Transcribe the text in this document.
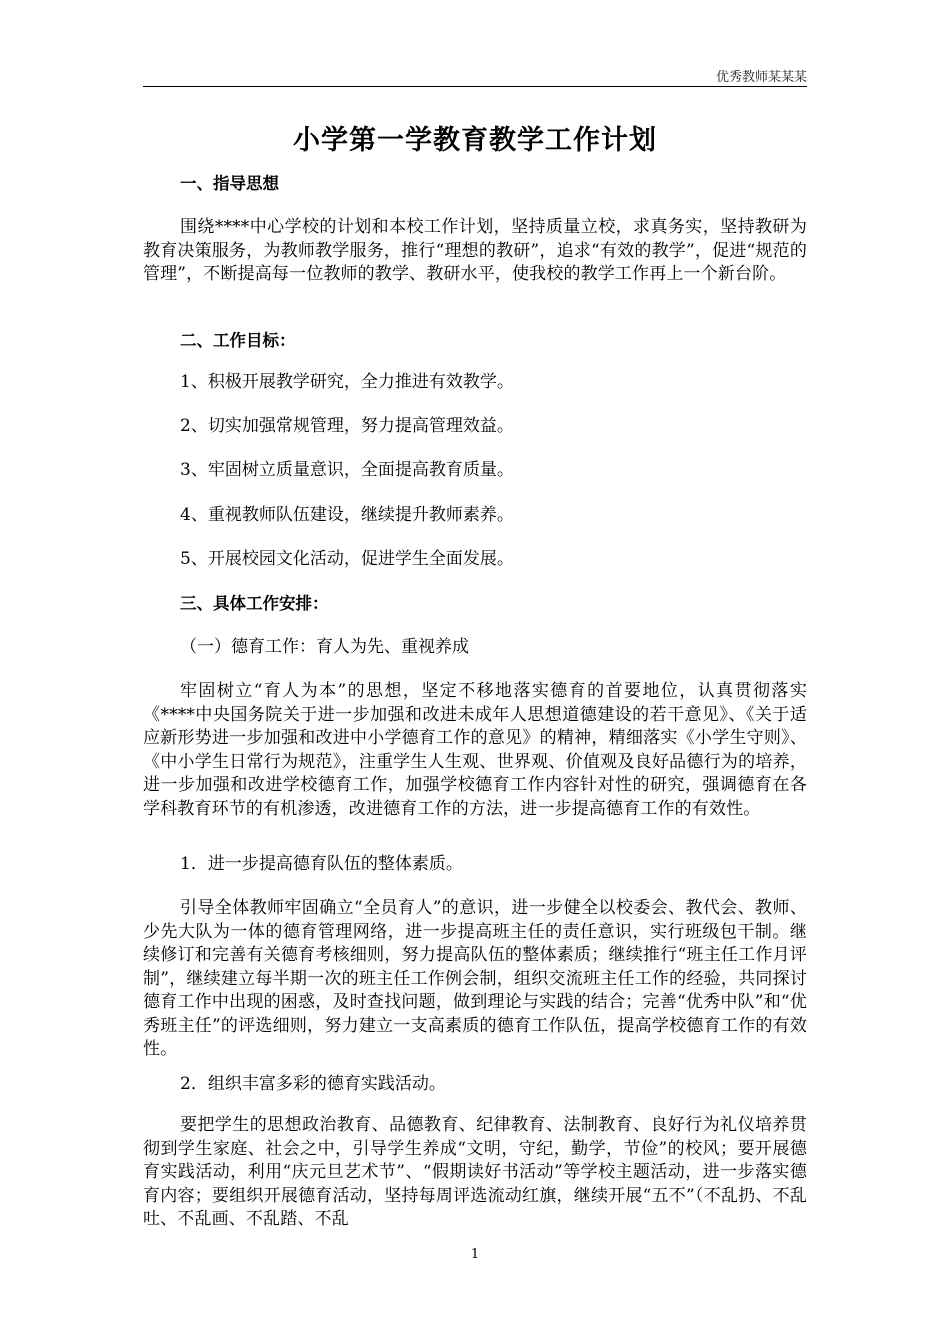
优秀教师某某某
小学第一学教育教学工作计划
一、指导思想
围绕****中心学校的计划和本校工作计划，坚持质量立校，求真务实，坚持教研为教育决策服务，为教师教学服务，推行“理想的教研”，追求“有效的教学”，促进“规范的管理”，不断提高每一位教师的教学、教研水平，使我校的教学工作再上一个新台阶。
二、工作目标：
1、积极开展教学研究，全力推进有效教学。
2、切实加强常规管理，努力提高管理效益。
3、牢固树立质量意识，全面提高教育质量。
4、重视教师队伍建设，继续提升教师素养。
5、开展校园文化活动，促进学生全面发展。
三、具体工作安排：
（一）德育工作：育人为先、重视养成
牢固树立“育人为本”的思想，坚定不移地落实德育的首要地位，认真贯彻落实《****中央国务院关于进一步加强和改进未成年人思想道德建设的若干意见》、《关于适应新形势进一步加强和改进中小学德育工作的意见》的精神，精细落实《小学生守则》、《中小学生日常行为规范》，注重学生人生观、世界观、价值观及良好品德行为的培养，进一步加强和改进学校德育工作，加强学校德育工作内容针对性的研究，强调德育在各学科教育环节的有机渗透，改进德育工作的方法，进一步提高德育工作的有效性。
1．进一步提高德育队伍的整体素质。
引导全体教师牢固确立“全员育人”的意识，进一步健全以校委会、教代会、教师、少先大队为一体的德育管理网络，进一步提高班主任的责任意识，实行班级包干制。继续修订和完善有关德育考核细则，努力提高队伍的整体素质；继续推行“班主任工作月评制”，继续建立每半期一次的班主任工作例会制，组织交流班主任工作的经验，共同探讨德育工作中出现的困惑，及时查找问题，做到理论与实践的结合；完善“优秀中队”和“优秀班主任”的评选细则，努力建立一支高素质的德育工作队伍，提高学校德育工作的有效性。
2．组织丰富多彩的德育实践活动。
要把学生的思想政治教育、品德教育、纪律教育、法制教育、良好行为礼仪培养贯彻到学生家庭、社会之中，引导学生养成“文明，守纪，勤学，节俭”的校风；要开展德育实践活动，利用“庆元旦艺术节”、“假期读好书活动”等学校主题活动，进一步落实德育内容；要组织开展德育活动，坚持每周评选流动红旗，继续开展“五不”（不乱扔、不乱吐、不乱画、不乱踏、不乱
1
